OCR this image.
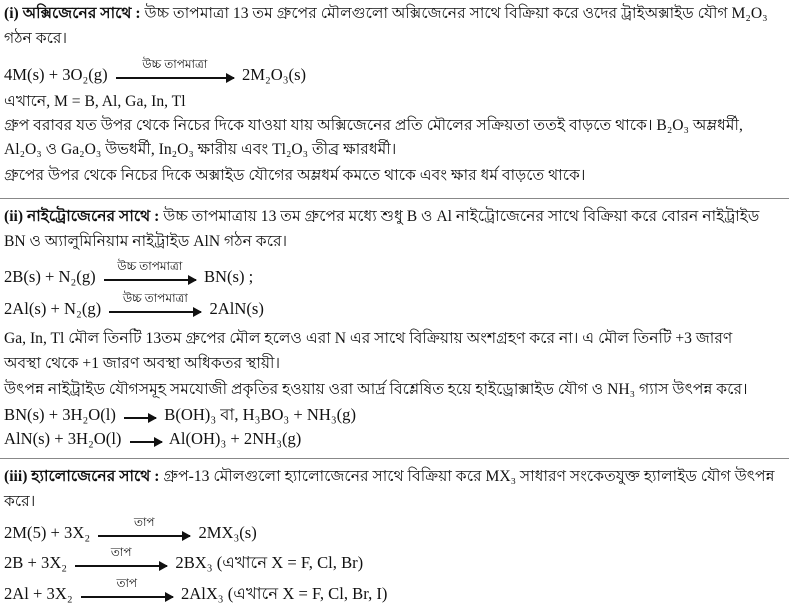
(i) অক্সিজেনের সাথে : উচ্চ তাপমাত্রা 13 তম গ্রুপের মৌলগুলো অক্সিজেনের সাথে বিক্রিয়া করে ওদের ট্রাইঅক্সাইড যৌগ M₂O₃
গঠন করে।
4M(s) + 3O₂(g)
উচ্চ তাপমাত্রা
2M₂O₃(s)
এখানে, M = B, Al, Ga, In, Tl
গ্রুপ বরাবর যত উপর থেকে নিচের দিকে যাওয়া যায় অক্সিজেনের প্রতি মৌলের সক্রিয়তা ততই বাড়তে থাকে। B₂O₃ অম্লধর্মী,
Al₂O₃ ও Ga₂O₃ উভধর্মী, In₂O₃ ক্ষারীয় এবং Tl₂O₃ তীব্র ক্ষারধর্মী।
গ্রুপের উপর থেকে নিচের দিকে অক্সাইড যৌগের অম্লধর্ম কমতে থাকে এবং ক্ষার ধর্ম বাড়তে থাকে।
(ii) নাইট্রোজেনের সাথে : উচ্চ তাপমাত্রায় 13 তম গ্রুপের মধ্যে শুধু B ও Al নাইট্রোজেনের সাথে বিক্রিয়া করে বোরন নাইট্রাইড
BN ও অ্যালুমিনিয়াম নাইট্রাইড AlN গঠন করে।
2B(s) + N₂(g)
উচ্চ তাপমাত্রা
BN(s) ;
2Al(s) + N₂(g)
উচ্চ তাপমাত্রা
2AlN(s)
Ga, In, Tl মৌল তিনটি 13তম গ্রুপের মৌল হলেও এরা N এর সাথে বিক্রিয়ায় অংশগ্রহণ করে না। এ মৌল তিনটি +3 জারণ
অবস্থা থেকে +1 জারণ অবস্থা অধিকতর স্থায়ী।
উৎপন্ন নাইট্রাইড যৌগসমূহ সমযোজী প্রকৃতির হওয়ায় ওরা আর্দ্র বিশ্লেষিত হয়ে হাইড্রোক্সাইড যৌগ ও NH₃ গ্যাস উৎপন্ন করে।
BN(s) + 3H₂O(l)	B(OH)₃ বা, H₃BO₃ + NH₃(g)
AlN(s) + 3H₂O(l)	Al(OH)₃ + 2NH₃(g)
(iii) হ্যালোজেনের সাথে : গ্রুপ-13 মৌলগুলো হ্যালোজেনের সাথে বিক্রিয়া করে MX₃ সাধারণ সংকেতযুক্ত হ্যালাইড যৌগ উৎপন্ন
করে।
2M(5) + 3X₂
তাপ
2MX₃(s)
2B + 3X₂
তাপ
2BX₃ (এখানে X = F, Cl, Br)
2Al + 3X₂
তাপ
2AlX₃ (এখানে X = F, Cl, Br, I)
